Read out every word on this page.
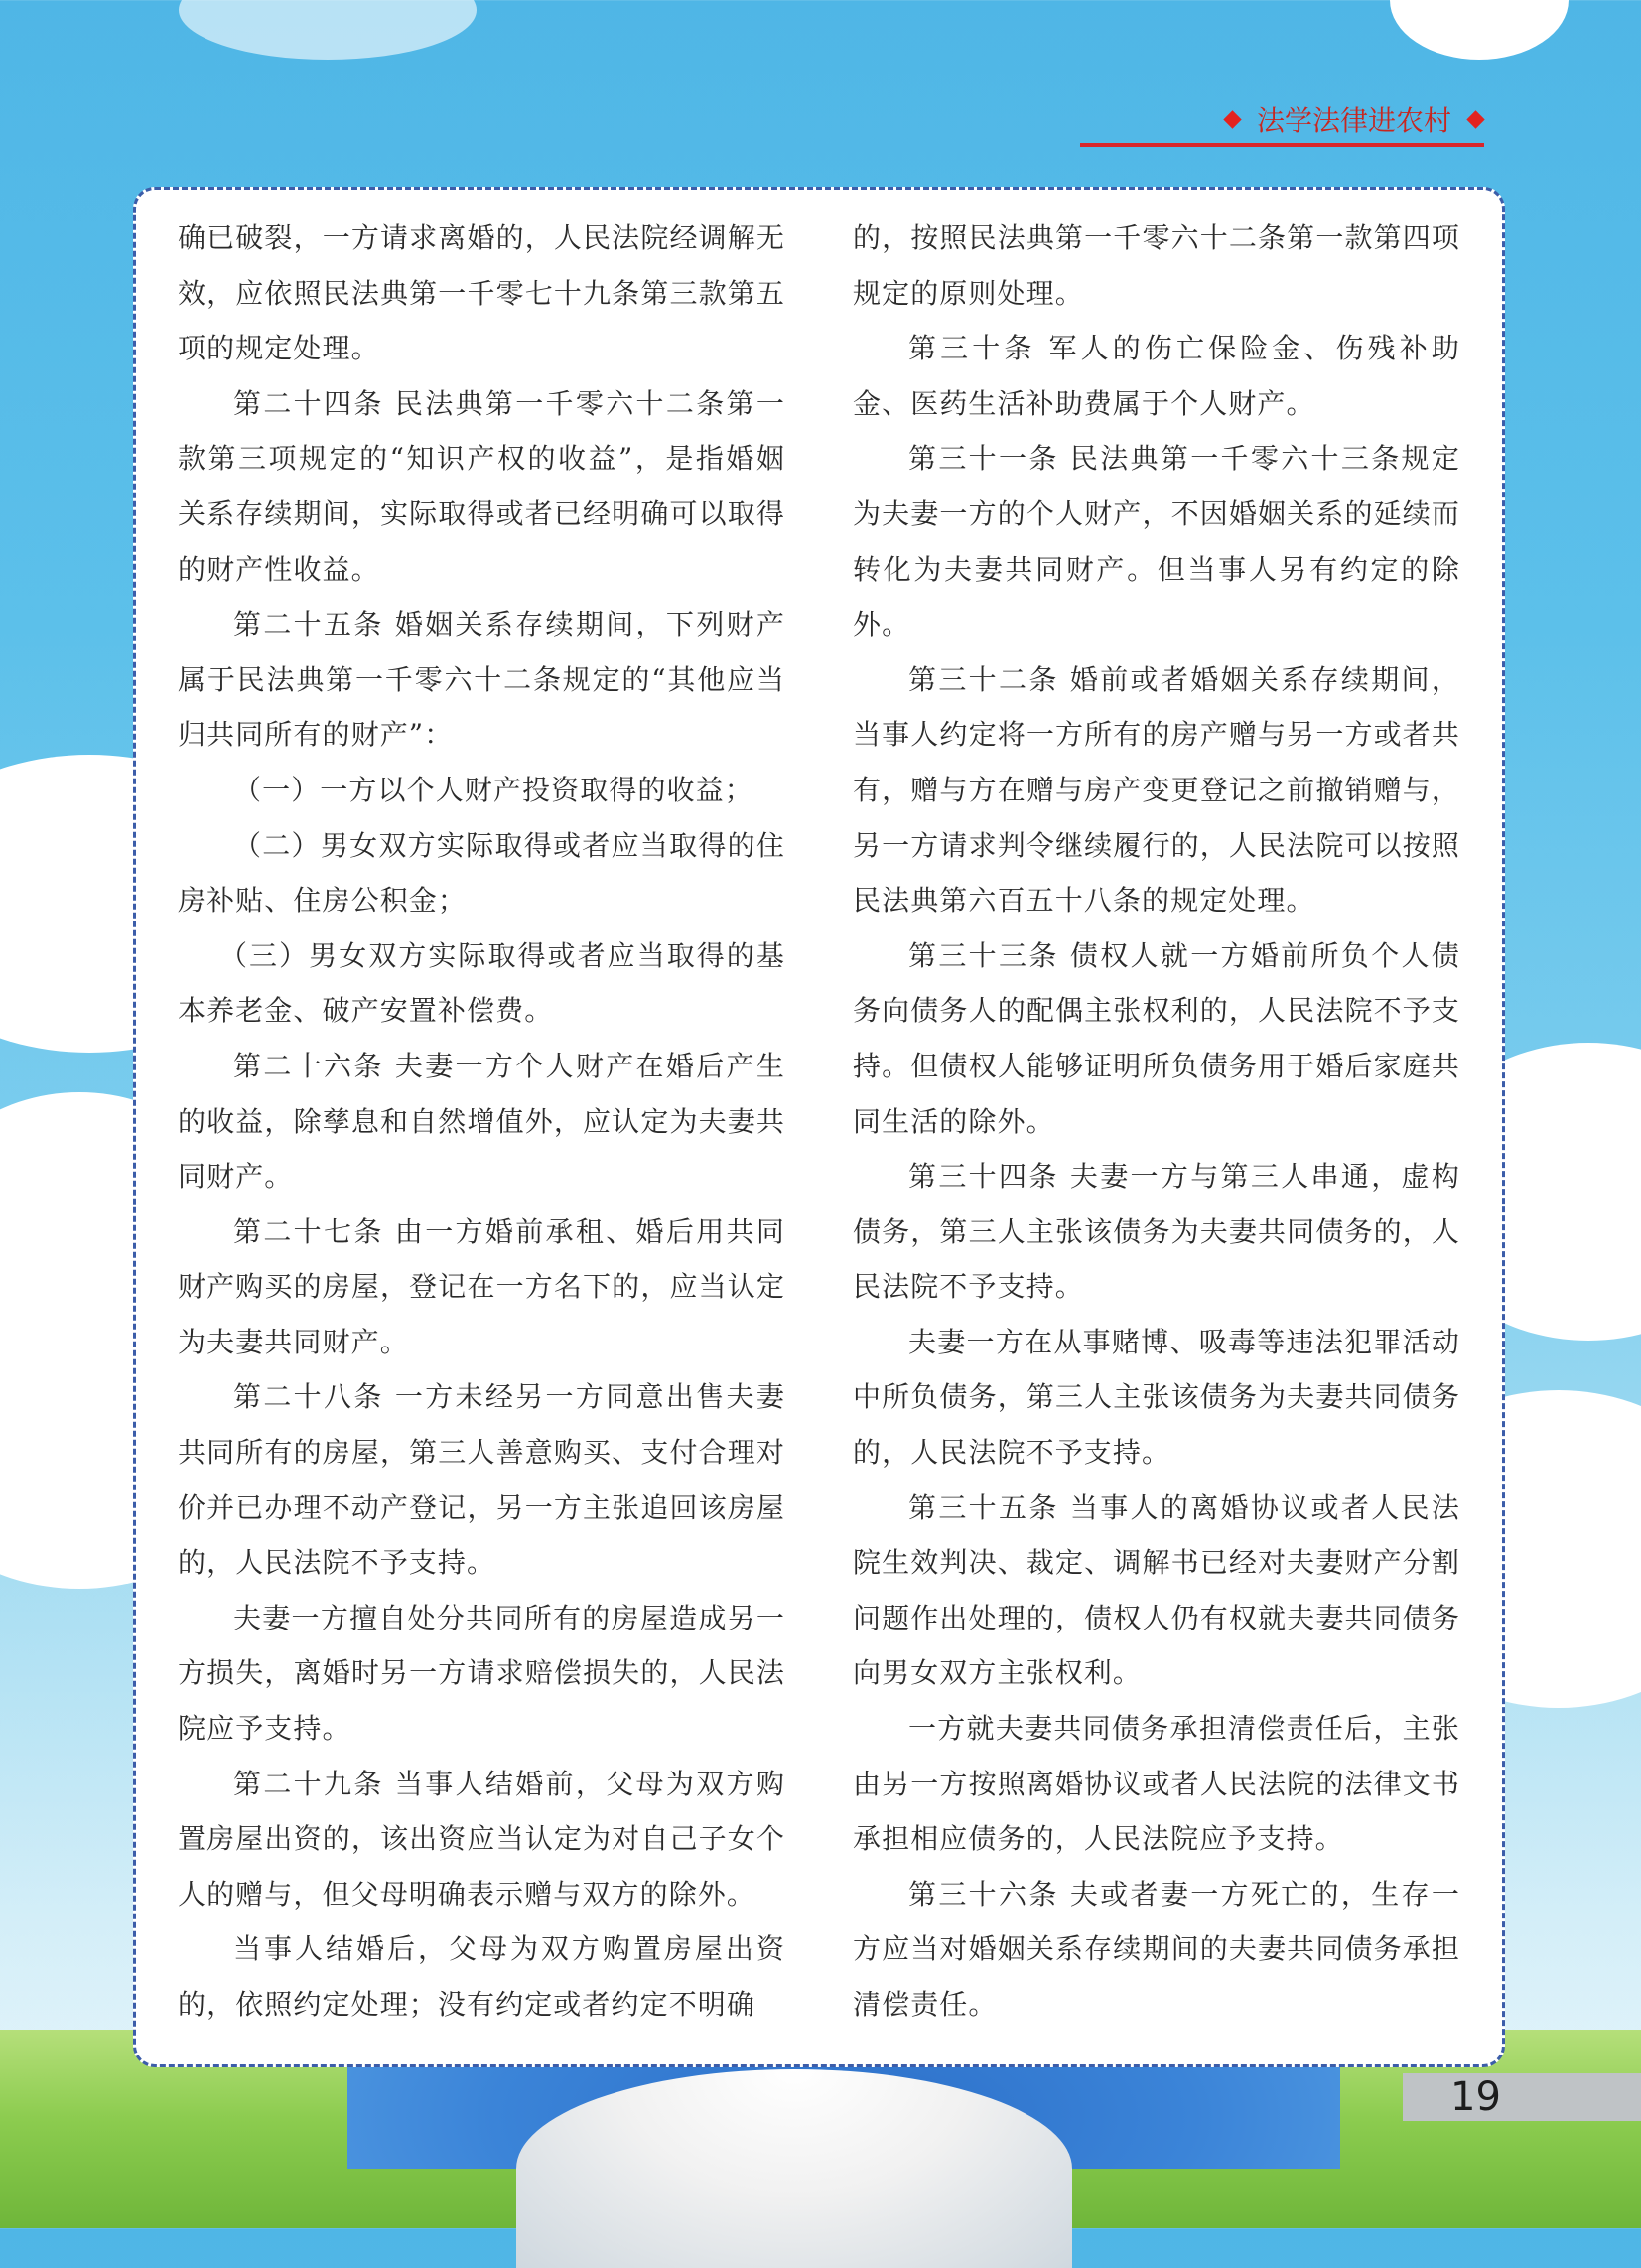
法学法律进农村

确已破裂，一方请求离婚的，人民法院经调解无效，应依照民法典第一千零七十九条第三款第五项的规定处理。

第二十四条 民法典第一千零六十二条第一款第三项规定的“知识产权的收益”，是指婚姻关系存续期间，实际取得或者已经明确可以取得的财产性收益。

第二十五条 婚姻关系存续期间，下列财产属于民法典第一千零六十二条规定的“其他应当归共同所有的财产”：

（一）一方以个人财产投资取得的收益；

（二）男女双方实际取得或者应当取得的住房补贴、住房公积金；

（三）男女双方实际取得或者应当取得的基本养老金、破产安置补偿费。

第二十六条 夫妻一方个人财产在婚后产生的收益，除孳息和自然增值外，应认定为夫妻共同财产。

第二十七条 由一方婚前承租、婚后用共同财产购买的房屋，登记在一方名下的，应当认定为夫妻共同财产。

第二十八条 一方未经另一方同意出售夫妻共同所有的房屋，第三人善意购买、支付合理对价并已办理不动产登记，另一方主张追回该房屋的，人民法院不予支持。

夫妻一方擅自处分共同所有的房屋造成另一方损失，离婚时另一方请求赔偿损失的，人民法院应予支持。

第二十九条 当事人结婚前，父母为双方购置房屋出资的，该出资应当认定为对自己子女个人的赠与，但父母明确表示赠与双方的除外。

当事人结婚后，父母为双方购置房屋出资的，依照约定处理；没有约定或者约定不明确

的，按照民法典第一千零六十二条第一款第四项规定的原则处理。

第三十条 军人的伤亡保险金、伤残补助金、医药生活补助费属于个人财产。

第三十一条 民法典第一千零六十三条规定为夫妻一方的个人财产，不因婚姻关系的延续而转化为夫妻共同财产。但当事人另有约定的除外。

第三十二条 婚前或者婚姻关系存续期间，当事人约定将一方所有的房产赠与另一方或者共有，赠与方在赠与房产变更登记之前撤销赠与，另一方请求判令继续履行的，人民法院可以按照民法典第六百五十八条的规定处理。

第三十三条 债权人就一方婚前所负个人债务向债务人的配偶主张权利的，人民法院不予支持。但债权人能够证明所负债务用于婚后家庭共同生活的除外。

第三十四条 夫妻一方与第三人串通，虚构债务，第三人主张该债务为夫妻共同债务的，人民法院不予支持。

夫妻一方在从事赌博、吸毒等违法犯罪活动中所负债务，第三人主张该债务为夫妻共同债务的，人民法院不予支持。

第三十五条 当事人的离婚协议或者人民法院生效判决、裁定、调解书已经对夫妻财产分割问题作出处理的，债权人仍有权就夫妻共同债务向男女双方主张权利。

一方就夫妻共同债务承担清偿责任后，主张由另一方按照离婚协议或者人民法院的法律文书承担相应债务的，人民法院应予支持。

第三十六条 夫或者妻一方死亡的，生存一方应当对婚姻关系存续期间的夫妻共同债务承担清偿责任。

19
